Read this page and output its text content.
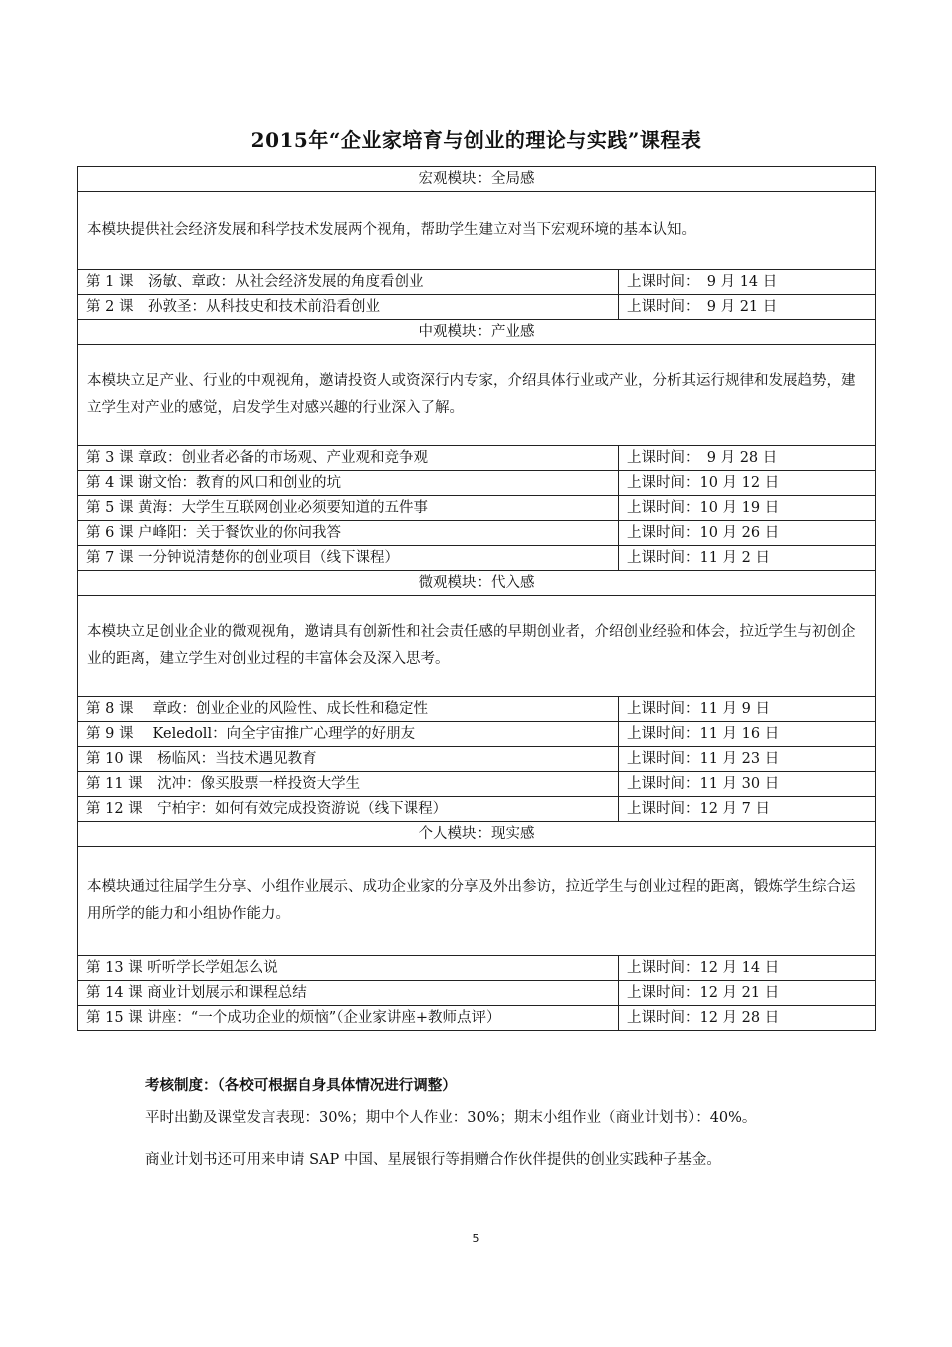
2015年“企业家培育与创业的理论与实践”课程表
宏观模块：全局感	
本模块提供社会经济发展和科学技术发展两个视角，帮助学生建立对当下宏观环境的基本认知。	
第 1 课　汤敏、章政：从社会经济发展的角度看创业	上课时间：　9 月 14 日
第 2 课　孙敦圣：从科技史和技术前沿看创业	上课时间：　9 月 21 日
中观模块：产业感	
本模块立足产业、行业的中观视角，邀请投资人或资深行内专家，介绍具体行业或产业，分析其运行规律和发展趋势，建立学生对产业的感觉，启发学生对感兴趣的行业深入了解。	
第 3 课 章政：创业者必备的市场观、产业观和竞争观	上课时间：　9 月 28 日
第 4 课 谢文怡：教育的风口和创业的坑	上课时间：10 月 12 日
第 5 课 黄海：大学生互联网创业必须要知道的五件事	上课时间：10 月 19 日
第 6 课 户峰阳：关于餐饮业的你问我答	上课时间：10 月 26 日
第 7 课 一分钟说清楚你的创业项目（线下课程）	上课时间：11 月 2 日
微观模块：代入感	
本模块立足创业企业的微观视角，邀请具有创新性和社会责任感的早期创业者，介绍创业经验和体会，拉近学生与初创企业的距离，建立学生对创业过程的丰富体会及深入思考。	
第 8 课　 章政：创业企业的风险性、成长性和稳定性	上课时间：11 月 9 日
第 9 课　 Keledoll：向全宇宙推广心理学的好朋友	上课时间：11 月 16 日
第 10 课　杨临风：当技术遇见教育	上课时间：11 月 23 日
第 11 课　沈冲：像买股票一样投资大学生	上课时间：11 月 30 日
第 12 课　宁柏宇：如何有效完成投资游说（线下课程）	上课时间：12 月 7 日
个人模块：现实感	
本模块通过往届学生分享、小组作业展示、成功企业家的分享及外出参访，拉近学生与创业过程的距离，锻炼学生综合运用所学的能力和小组协作能力。	
第 13 课 听听学长学姐怎么说	上课时间：12 月 14 日
第 14 课 商业计划展示和课程总结	上课时间：12 月 21 日
第 15 课 讲座：“一个成功企业的烦恼”（企业家讲座+教师点评）	上课时间：12 月 28 日
考核制度：（各校可根据自身具体情况进行调整）
平时出勤及课堂发言表现：30%；期中个人作业：30%；期末小组作业（商业计划书）：40%。
商业计划书还可用来申请 SAP 中国、星展银行等捐赠合作伙伴提供的创业实践种子基金。
5
